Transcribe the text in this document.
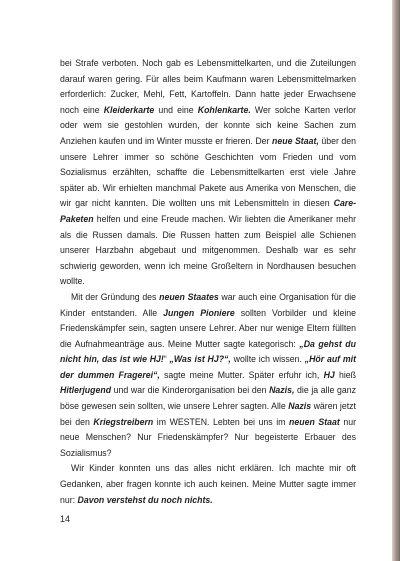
bei Strafe verboten. Noch gab es Lebensmittelkarten, und die Zuteilungen darauf waren gering. Für alles beim Kaufmann waren Lebensmittelmarken erforderlich: Zucker, Mehl, Fett, Kartoffeln. Dann hatte jeder Erwachsene noch eine Kleiderkarte und eine Kohlenkarte. Wer solche Karten verlor oder wem sie gestohlen wurden, der konnte sich keine Sachen zum Anziehen kaufen und im Winter musste er frieren. Der neue Staat, über den unsere Lehrer immer so schöne Geschichten vom Frieden und vom Sozialismus erzählten, schaffte die Lebensmittelkarten erst viele Jahre später ab. Wir erhielten manchmal Pakete aus Amerika von Menschen, die wir gar nicht kannten. Die wollten uns mit Lebensmitteln in diesen Care-Paketen helfen und eine Freude machen. Wir liebten die Amerikaner mehr als die Russen damals. Die Russen hatten zum Beispiel alle Schienen unserer Harzbahn abgebaut und mitgenommen. Deshalb war es sehr schwierig geworden, wenn ich meine Großeltern in Nordhausen besuchen wollte.

Mit der Gründung des neuen Staates war auch eine Organisation für die Kinder entstanden. Alle Jungen Pioniere sollten Vorbilder und kleine Friedenskämpfer sein, sagten unsere Lehrer. Aber nur wenige Eltern füllten die Aufnahmeanträge aus. Meine Mutter sagte kategorisch: „Da gehst du nicht hin, das ist wie HJ!“ „Was ist HJ?“, wollte ich wissen. „Hör auf mit der dummen Fragerei“, sagte meine Mutter. Später erfuhr ich, HJ hieß Hitlerjugend und war die Kinderorganisation bei den Nazis, die ja alle ganz böse gewesen sein sollten, wie unsere Lehrer sagten. Alle Nazis wären jetzt bei den Kriegstreibern im WESTEN. Lebten bei uns im neuen Staat nur neue Menschen? Nur Friedenskämpfer? Nur begeisterte Erbauer des Sozialismus?

Wir Kinder konnten uns das alles nicht erklären. Ich machte mir oft Gedanken, aber fragen konnte ich auch keinen. Meine Mutter sagte immer nur: Davon verstehst du noch nichts.

14
